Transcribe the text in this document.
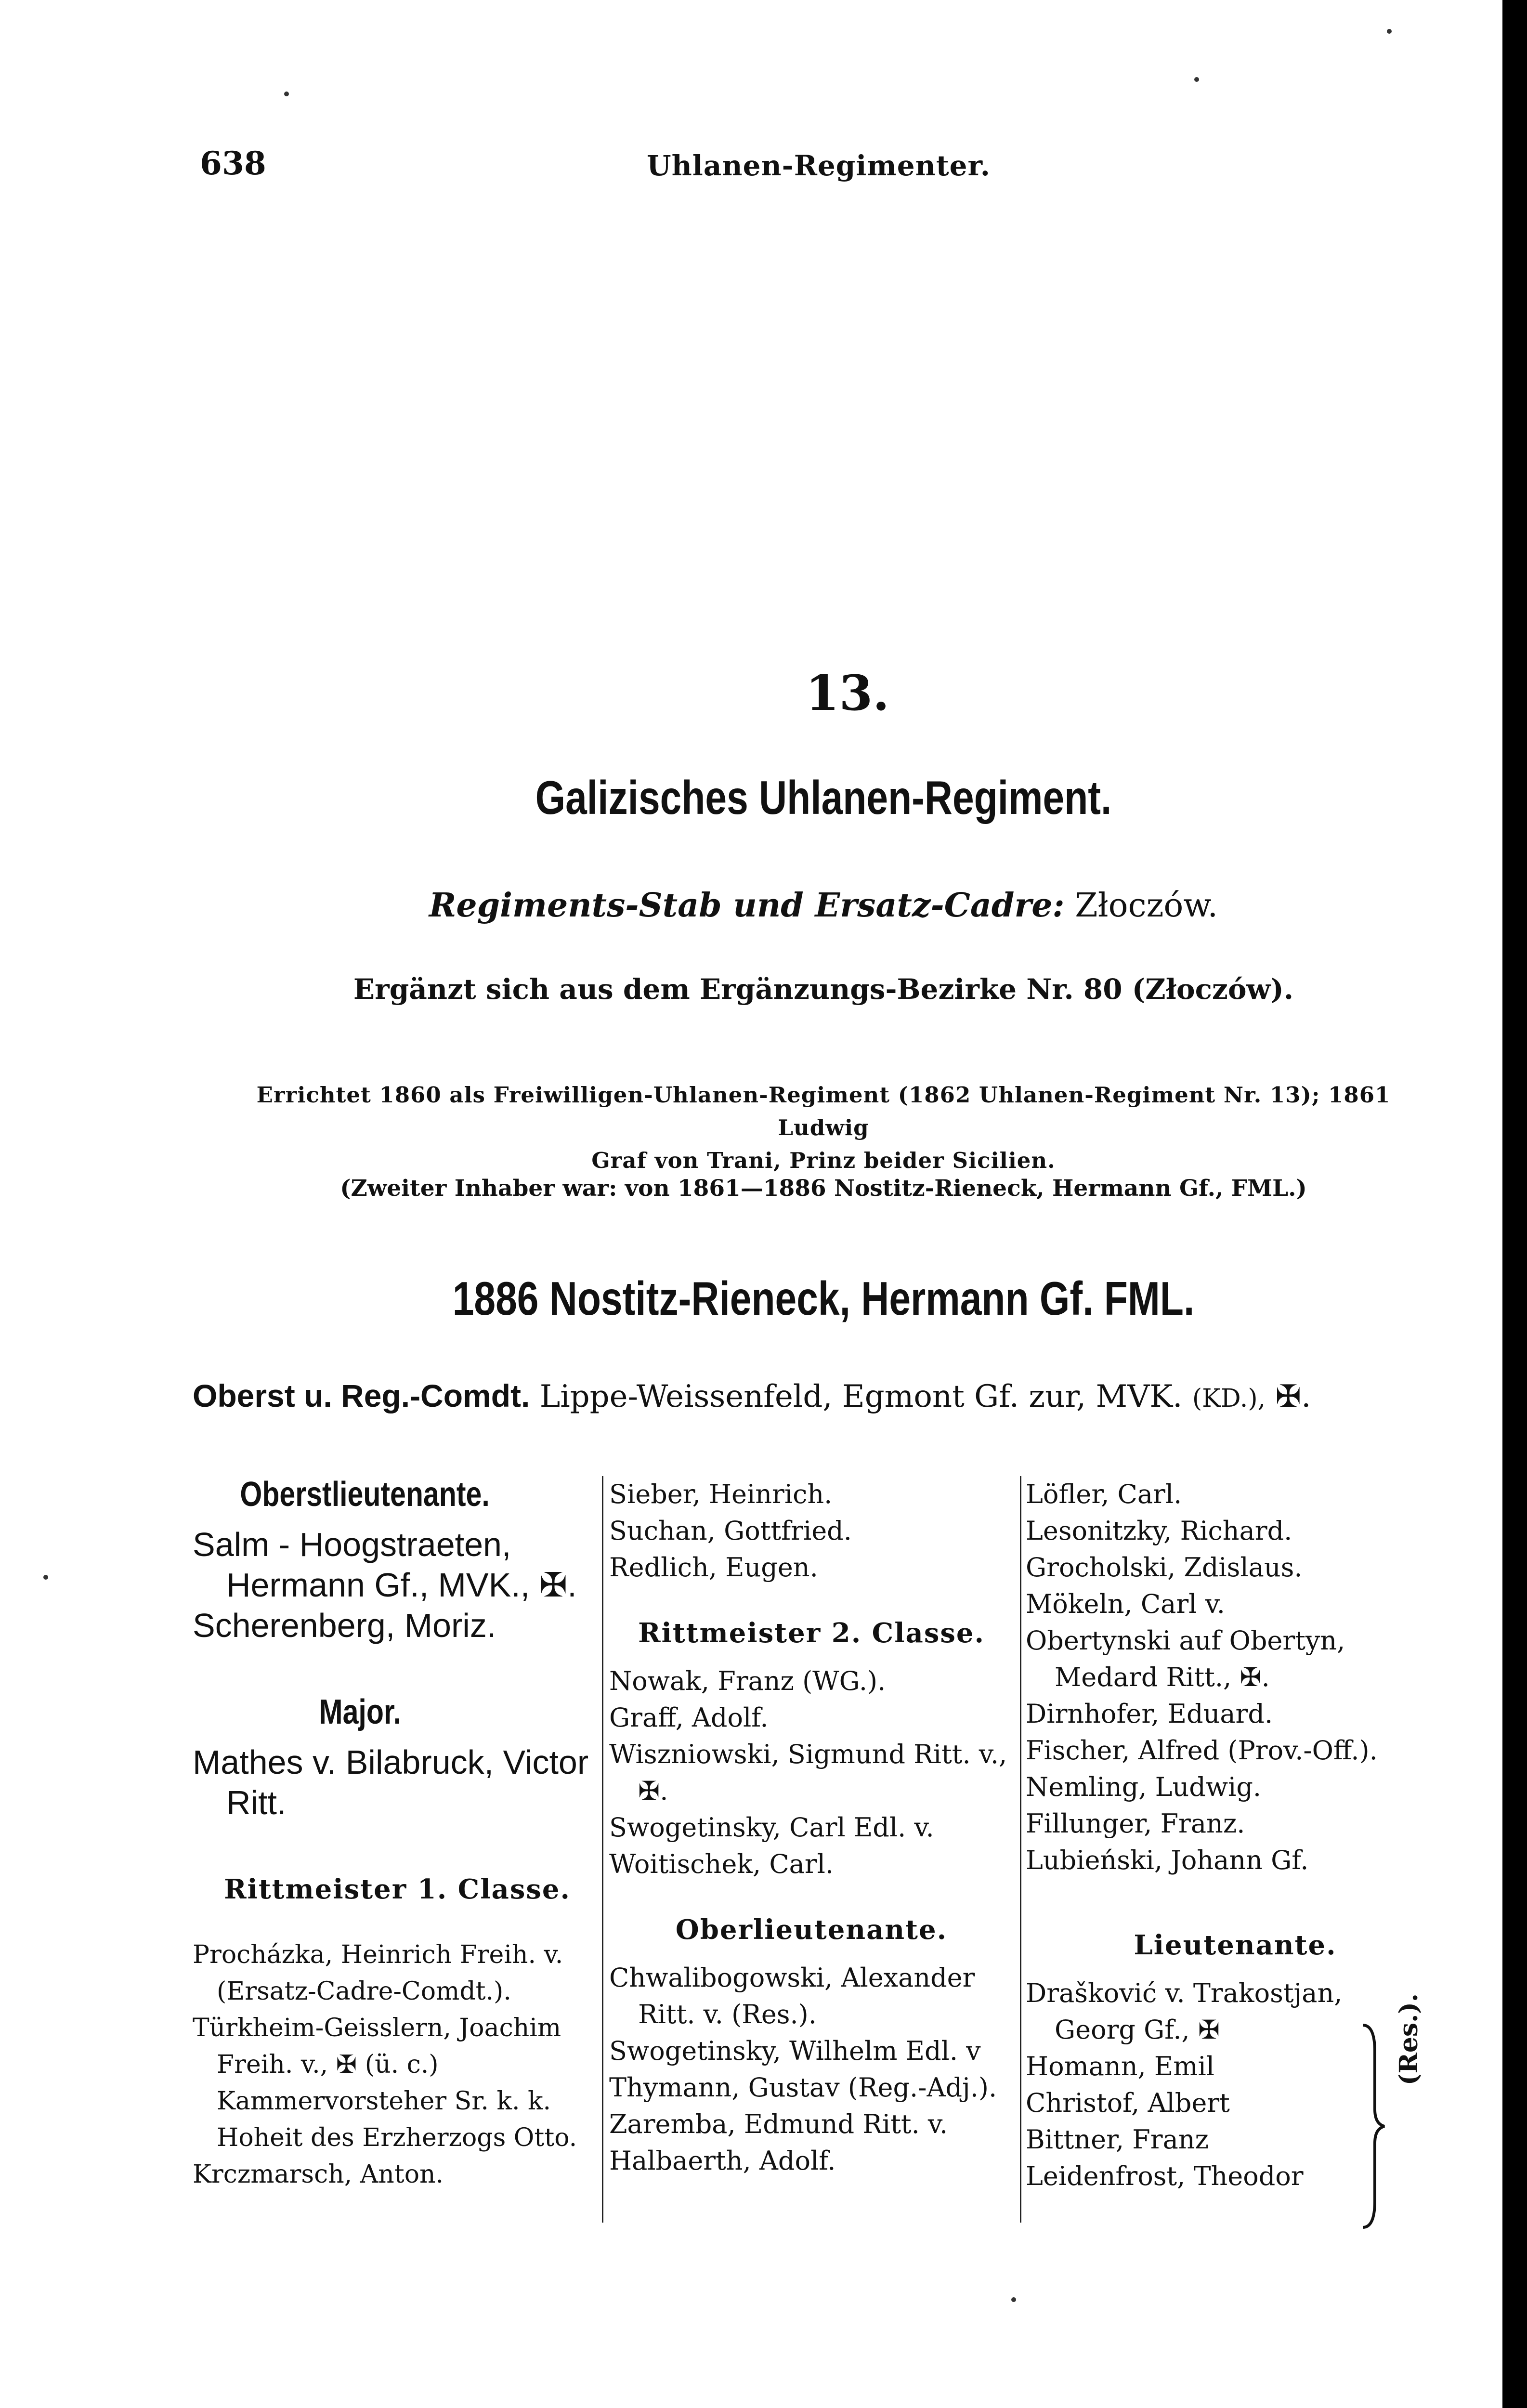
638	Uhlanen-Regimenter.
13.
Galizisches Uhlanen-Regiment.
Regiments-Stab und Ersatz-Cadre: Złoczów.
Ergänzt sich aus dem Ergänzungs-Bezirke Nr. 80 (Złoczów).
Errichtet 1860 als Freiwilligen-Uhlanen-Regiment (1862 Uhlanen-Regiment Nr. 13); 1861 Ludwig
Graf von Trani, Prinz beider Sicilien.
(Zweiter Inhaber war: von 1861—1886 Nostitz-Rieneck, Hermann Gf., FML.)
1886 Nostitz-Rieneck, Hermann Gf. FML.
Oberst u. Reg.-Comdt. Lippe-Weissenfeld, Egmont Gf. zur, MVK. (KD.), ✠.
Oberstlieutenante.
Salm - Hoogstraeten, Hermann Gf., MVK., ✠.
Scherenberg, Moriz.
Major.
Mathes v. Bilabruck, Victor Ritt.
Rittmeister 1. Classe.
Procházka, Heinrich Freih. v. (Ersatz-Cadre-Comdt.).
Türkheim-Geisslern, Joachim Freih. v., ✠ (ü. c.) Kammervorsteher Sr. k. k. Hoheit des Erzherzogs Otto.
Krczmarsch, Anton.
Sieber, Heinrich.
Suchan, Gottfried.
Redlich, Eugen.
Rittmeister 2. Classe.
Nowak, Franz (WG.).
Graff, Adolf.
Wiszniowski, Sigmund Ritt. v., ✠.
Swogetinsky, Carl Edl. v.
Woitischek, Carl.
Oberlieutenante.
Chwalibogowski, Alexander Ritt. v. (Res.).
Swogetinsky, Wilhelm Edl. v
Thymann, Gustav (Reg.-Adj.).
Zaremba, Edmund Ritt. v.
Halbaerth, Adolf.
Löfler, Carl.
Lesonitzky, Richard.
Grocholski, Zdislaus.
Mökeln, Carl v.
Obertynski auf Obertyn, Medard Ritt., ✠.
Dirnhofer, Eduard.
Fischer, Alfred (Prov.-Off.).
Nemling, Ludwig.
Fillunger, Franz.
Lubieński, Johann Gf.
Lieutenante.
Drašković v. Trakostjan, Georg Gf., ✠
Homann, Emil
Christof, Albert
Bittner, Franz
Leidenfrost, Theodor
(Res.).
